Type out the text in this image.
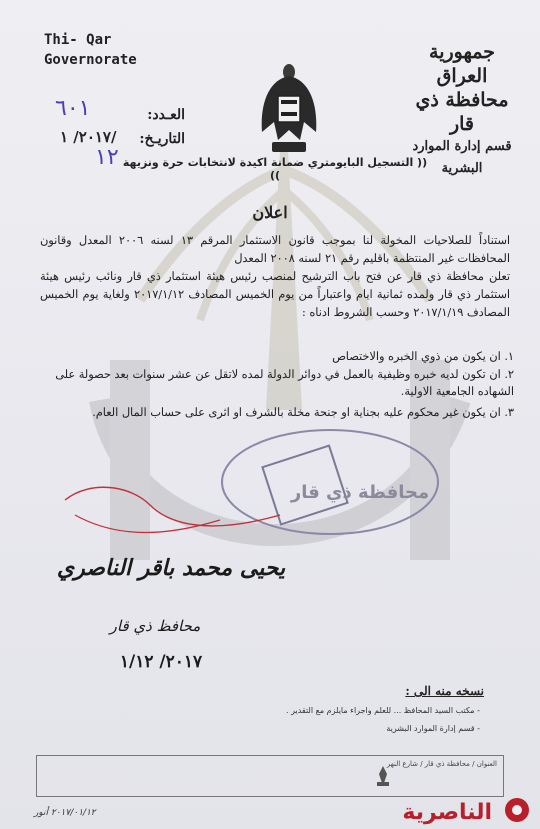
Thi- Qar
Governorate	جمهورية العراق
محافظة ذي قار
قسم إدارة الموارد
البشرية
العـدد:
٦٠١
التاريـخ:
٢٠١٧/ ١/
١٢ (( التسجيل البايومتري ضمانة اكيدة لانتخابات حرة ونزيهة ))
اعلان
استناداً للصلاحيات المخولة لنا بموجب قانون الاستثمار المرقم ١٣ لسنه ٢٠٠٦ المعدل وقانون المحافظات غير المنتظمة باقليم رقم ٢١ لسنه ٢٠٠٨ المعدل
تعلن محافظة ذي قار عن فتح باب الترشيح لمنصب رئيس هيئة استثمار ذي قار ونائب رئيس هيئة استثمار ذي قار ولمده ثمانية ايام واعتباراً من يوم الخميس المصادف ٢٠١٧/١/١٢ ولغاية يوم الخميس المصادف ٢٠١٧/١/١٩ وحسب الشروط ادناه :
١. ان يكون من ذوي الخبره والاختصاص
٢. ان تكون لديه خبره وظيفية بالعمل في دوائر الدولة لمده لاتقل عن عشر سنوات بعد حصولة على الشهاده الجامعية الاولية.
٣. ان يكون غير محكوم عليه بجناية او جنحة مخلة بالشرف او اثرى على حساب المال العام.
محافظة ذي قار
يحيى محمد باقر الناصري
محافظ ذي قار
٢٠١٧/ ١/١٢
نسخه منه الى :
- مكتب السيد المحافظ ... للعلم واجراء مايلزم مع التقدير .
- قسم إدارة الموارد البشرية
العنوان / محافظة ذي قار / شارع النهر
٢٠١٧/٠١/١٢ أنور	الناصرية
